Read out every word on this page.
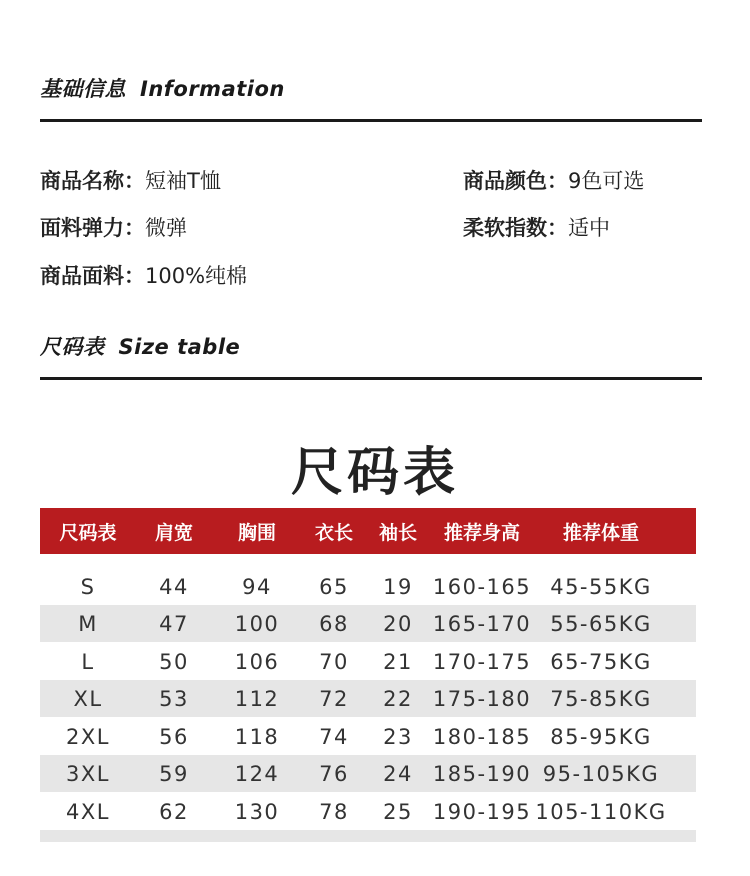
基础信息 Information
商品名称：短袖T恤	商品颜色：9色可选
面料弹力：微弹	柔软指数：适中
商品面料：100%纯棉
尺码表 Size table
尺码表
尺码表	肩宽	胸围	衣长	袖长	推荐身高	推荐体重
S	44	94	65	19 160-165 45-55KG
M	47	100	68	20 165-170 55-65KG
L	50	106	70	21 170-175 65-75KG
XL	53	112	72	22 175-180 75-85KG
2XL	56	118	74	23 180-185 85-95KG
3XL	59	124	76	24 185-190 95-105KG
4XL	62	130	78	25 190-195 105-110KG
